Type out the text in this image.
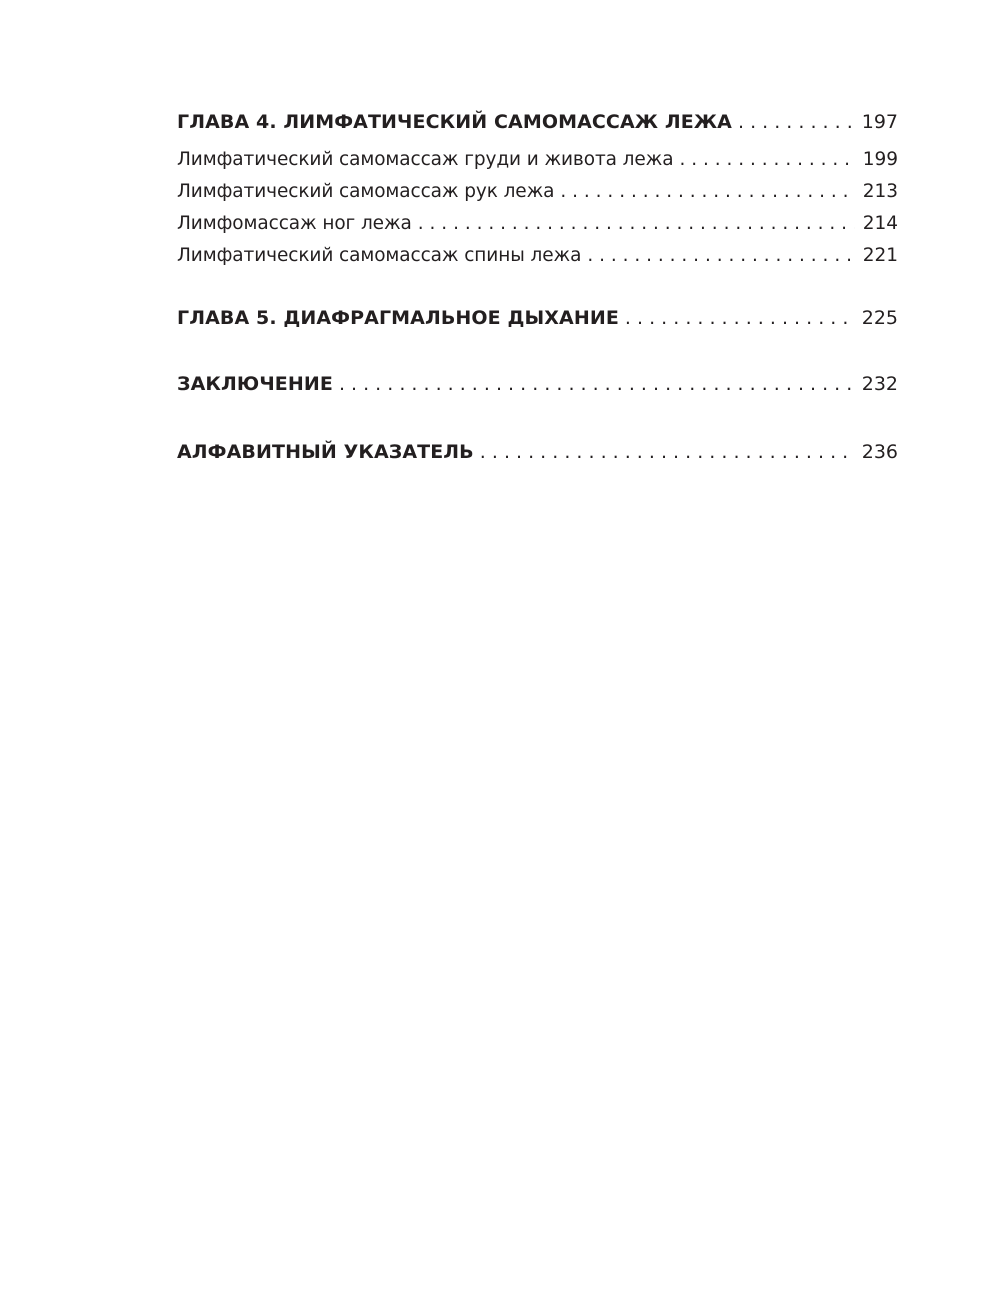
ГЛАВА 4. ЛИМФАТИЧЕСКИЙ САМОМАССАЖ ЛЕЖА . . .	197
Лимфатический самомассаж груди и живота лежа . . .	199
Лимфатический самомассаж рук лежа . . .	213
Лимфомассаж ног лежа . . .	214
Лимфатический самомассаж спины лежа . . .	221
ГЛАВА 5. ДИАФРАГМАЛЬНОЕ ДЫХАНИЕ . . .	225
ЗАКЛЮЧЕНИЕ . . .	232
АЛФАВИТНЫЙ УКАЗАТЕЛЬ . . .	236
